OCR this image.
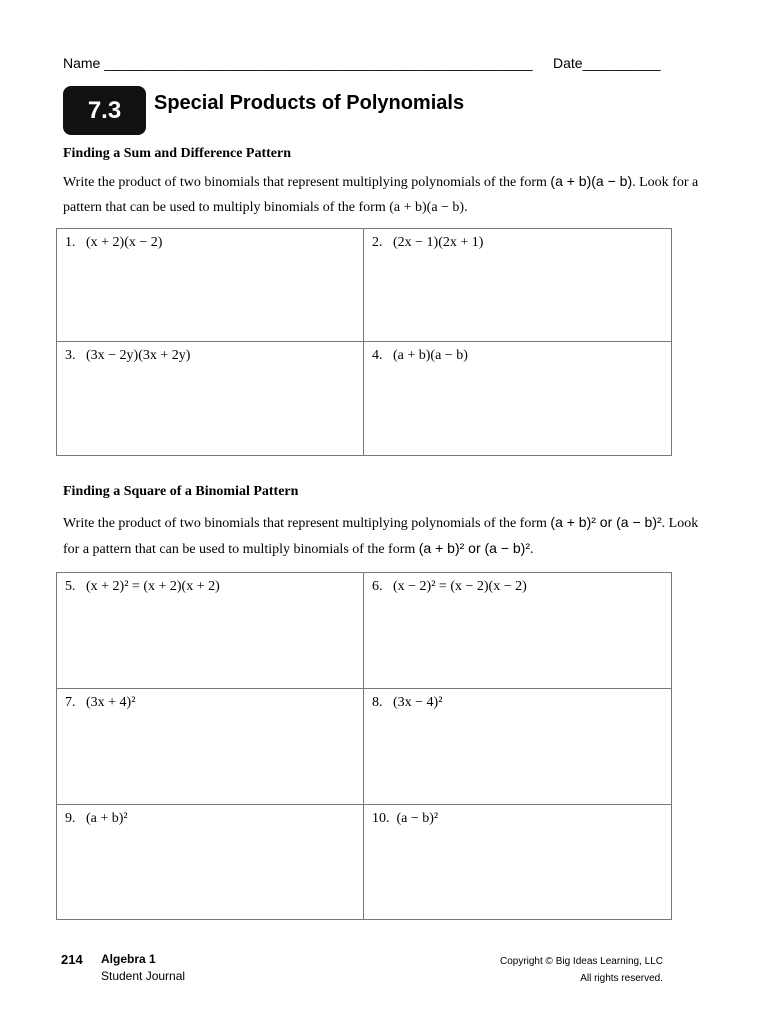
Name _______________________________________________________ Date__________
7.3	Special Products of Polynomials
Finding a Sum and Difference Pattern
Write the product of two binomials that represent multiplying polynomials of the form (a + b)(a − b). Look for a pattern that can be used to multiply binomials of the form (a + b)(a − b).
1. (x + 2)(x − 2)	2. (2x − 1)(2x + 1)
3. (3x − 2y)(3x + 2y)	4. (a + b)(a − b)
Finding a Square of a Binomial Pattern
Write the product of two binomials that represent multiplying polynomials of the form (a + b)² or (a − b)². Look for a pattern that can be used to multiply binomials of the form (a + b)² or (a − b)².
5. (x + 2)² = (x + 2)(x + 2)	6. (x − 2)² = (x − 2)(x − 2)
7. (3x + 4)²	8. (3x − 4)²
9. (a + b)²	10. (a − b)²
214 Algebra 1
Student Journal
Copyright © Big Ideas Learning, LLC
All rights reserved.
